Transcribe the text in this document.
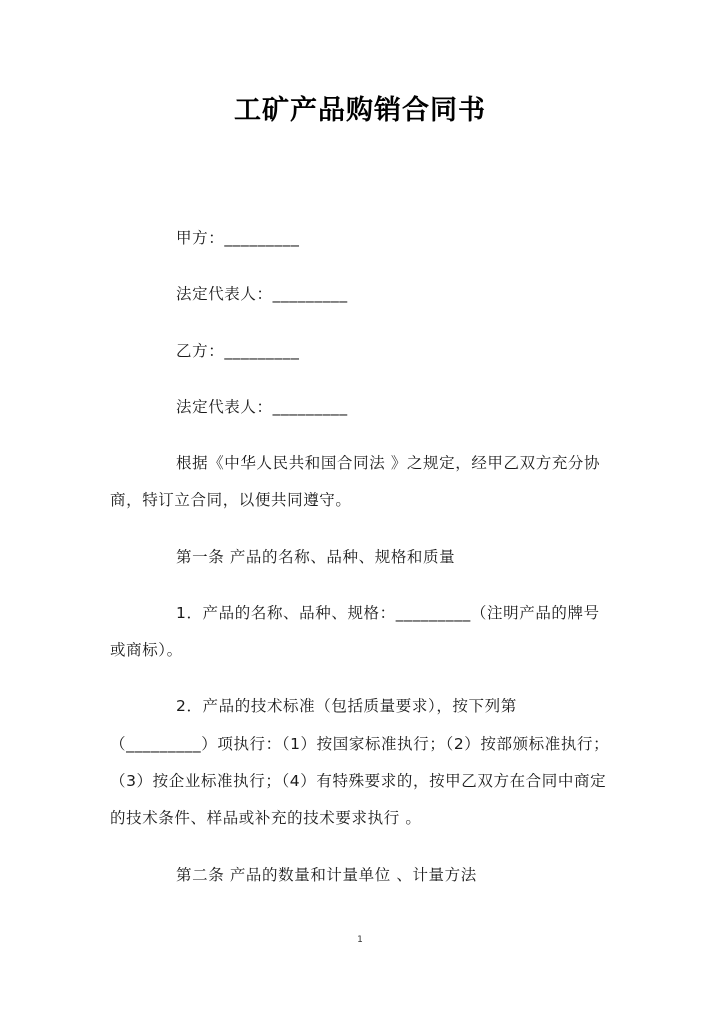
工矿产品购销合同书
甲方：_________
法定代表人：_________
乙方：_________
法定代表人：_________
根据《中华人民共和国合同法 》之规定，经甲乙双方充分协
商，特订立合同，以便共同遵守。
第一条 产品的名称、品种、规格和质量
1．产品的名称、品种、规格：_________（注明产品的牌号
或商标）。
2．产品的技术标准（包括质量要求），按下列第
（_________）项执行：（1）按国家标准执行；（2）按部颁标准执行；
（3）按企业标准执行；（4）有特殊要求的，按甲乙双方在合同中商定
的技术条件、样品或补充的技术要求执行 。
第二条 产品的数量和计量单位 、计量方法
1
